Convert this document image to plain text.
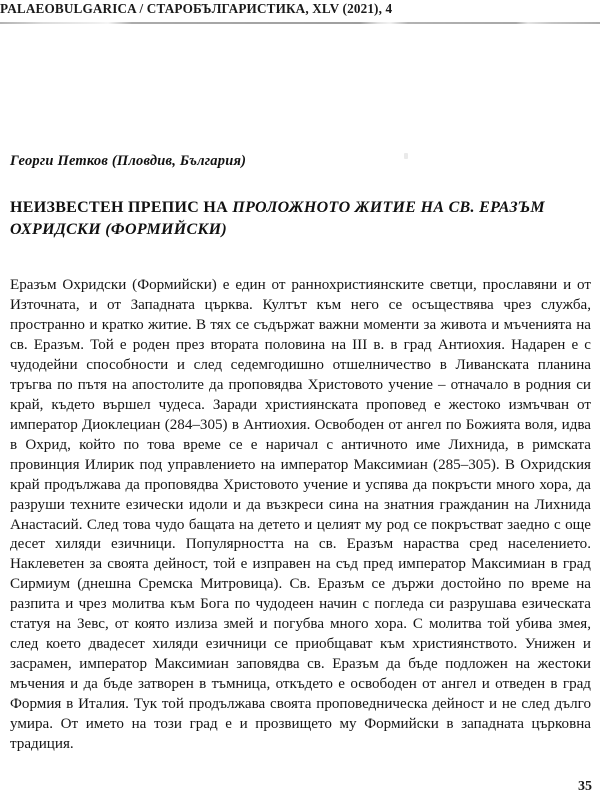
PALAEOBULGARICA / СТАРОБЪЛГАРИСТИКА, XLV (2021), 4
Георги Петков (Пловдив, България)
НЕИЗВЕСТЕН ПРЕПИС НА ПРОЛОЖНОТО ЖИТИЕ НА СВ. ЕРАЗЪМ ОХРИДСКИ (ФОРМИЙСКИ)

Еразъм Охридски (Формийски) е един от раннохристиянските светци, прославяни и от Източната, и от Западната църква. Култът към него се осъществява чрез служба, пространно и кратко житие. В тях се съдържат важни моменти за живота и мъченията на св. Еразъм. Той е роден през втората половина на III в. в град Антиохия. Надарен е с чудодейни способности и след седемгодишно отшелничество в Ливанската планина тръгва по пътя на апостолите да проповядва Христовото учение – отначало в родния си край, където вършел чудеса. Заради християнската проповед е жестоко измъчван от император Диоклециан (284–305) в Антиохия. Освободен от ангел по Божията воля, идва в Охрид, който по това време се е наричал с античното име Лихнида, в римската провинция Илирик под управлението на император Максимиан (285–305). В Охридския край продължава да проповядва Христовото учение и успява да покръсти много хора, да разруши техните езически идоли и да възкреси сина на знатния гражданин на Лихнида Анастасий. След това чудо бащата на детето и целият му род се покръстват заедно с още десет хиляди езичници. Популярността на св. Еразъм нараства сред населението. Наклеветен за своята дейност, той е изправен на съд пред император Максимиан в град Сирмиум (днешна Сремска Митровица). Св. Еразъм се държи достойно по време на разпита и чрез молитва към Бога по чудодеен начин с погледа си разрушава езическата статуя на Зевс, от която излиза змей и погубва много хора. С молитва той убива змея, след което двадесет хиляди езичници се приобщават към християнството. Унижен и засрамен, император Максимиан заповядва св. Еразъм да бъде подложен на жестоки мъчения и да бъде затворен в тъмница, откъдето е освободен от ангел и отведен в град Формия в Италия. Тук той продължава своята проповедническа дейност и не след дълго умира. От името на този град е и прозвището му Формийски в западната църковна традиция.

35
